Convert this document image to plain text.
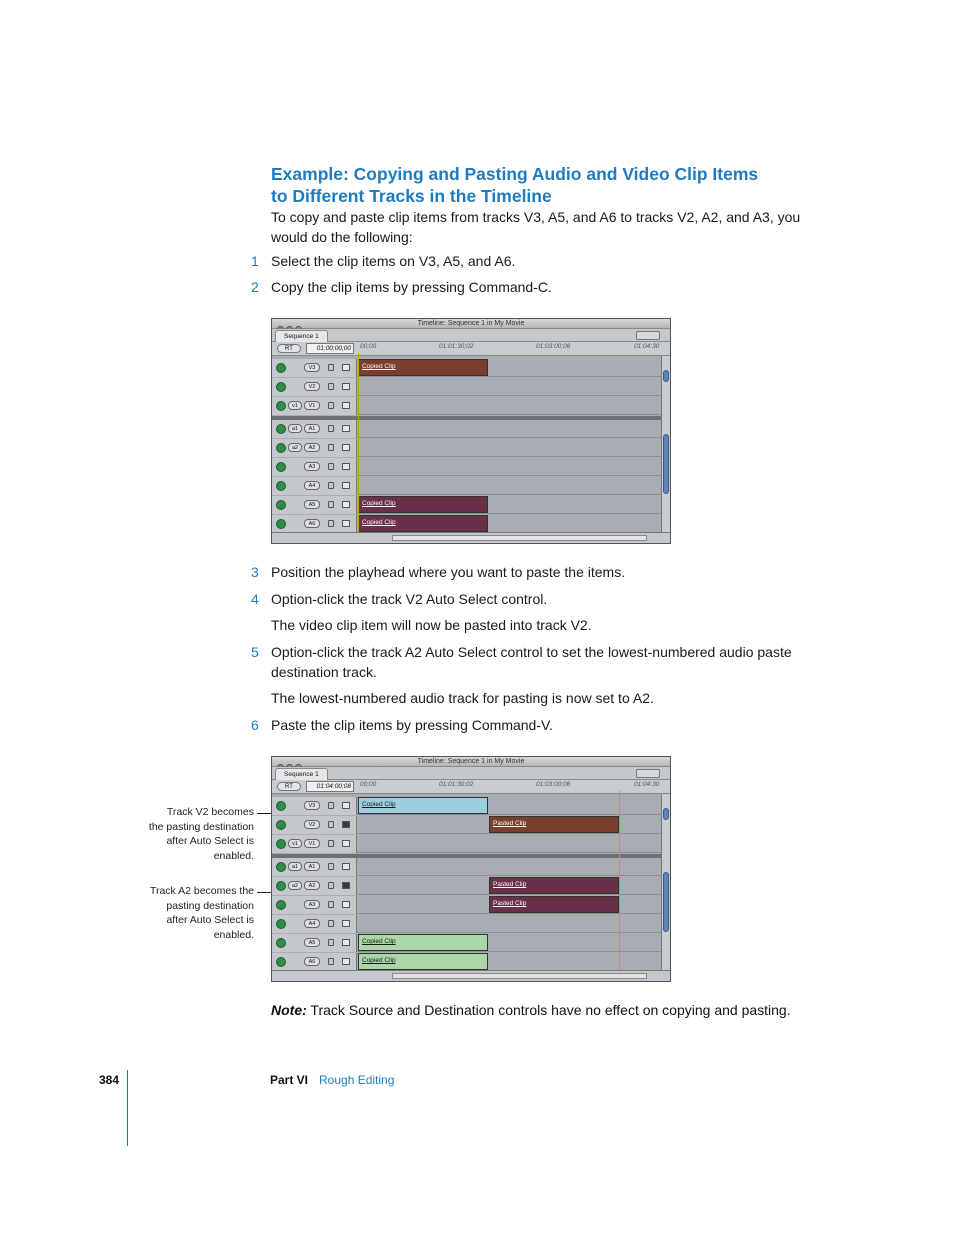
Example: Copying and Pasting Audio and Video Clip Items
to Different Tracks in the Timeline
To copy and paste clip items from tracks V3, A5, and A6 to tracks V2, A2, and A3, you would do the following:
1 Select the clip items on V3, A5, and A6.
2 Copy the clip items by pressing Command-C.
Timeline: Sequence 1 in My Movie
Sequence 1
RT	01:00:00;00	00;00	01:01:30;02	01:03:00;06	01:04:30
V3	Copied Clip
V2
v1	V1
a1	A1
a2	A2
A3
A4
A5	Copied Clip
A6	Copied Clip
3 Position the playhead where you want to paste the items.
4 Option-click the track V2 Auto Select control.
The video clip item will now be pasted into track V2.
5 Option-click the track A2 Auto Select control to set the lowest-numbered audio paste destination track.
The lowest-numbered audio track for pasting is now set to A2.
6 Paste the clip items by pressing Command-V.
Track V2 becomes
the pasting destination
after Auto Select is
enabled.
Track A2 becomes the
pasting destination
after Auto Select is
enabled.
Timeline: Sequence 1 in My Movie
Sequence 1
RT	01:04:00;08	00;00	01:01:30;02	01:03:00;06	01:04:30
V3	Copied Clip
V2	Pasted Clip
v1	V1
a1	A1
a2	A2	Pasted Clip
A3	Pasted Clip
A4
A5	Copied Clip
A6	Copied Clip
Note: Track Source and Destination controls have no effect on copying and pasting.
384	Part VI Rough Editing
